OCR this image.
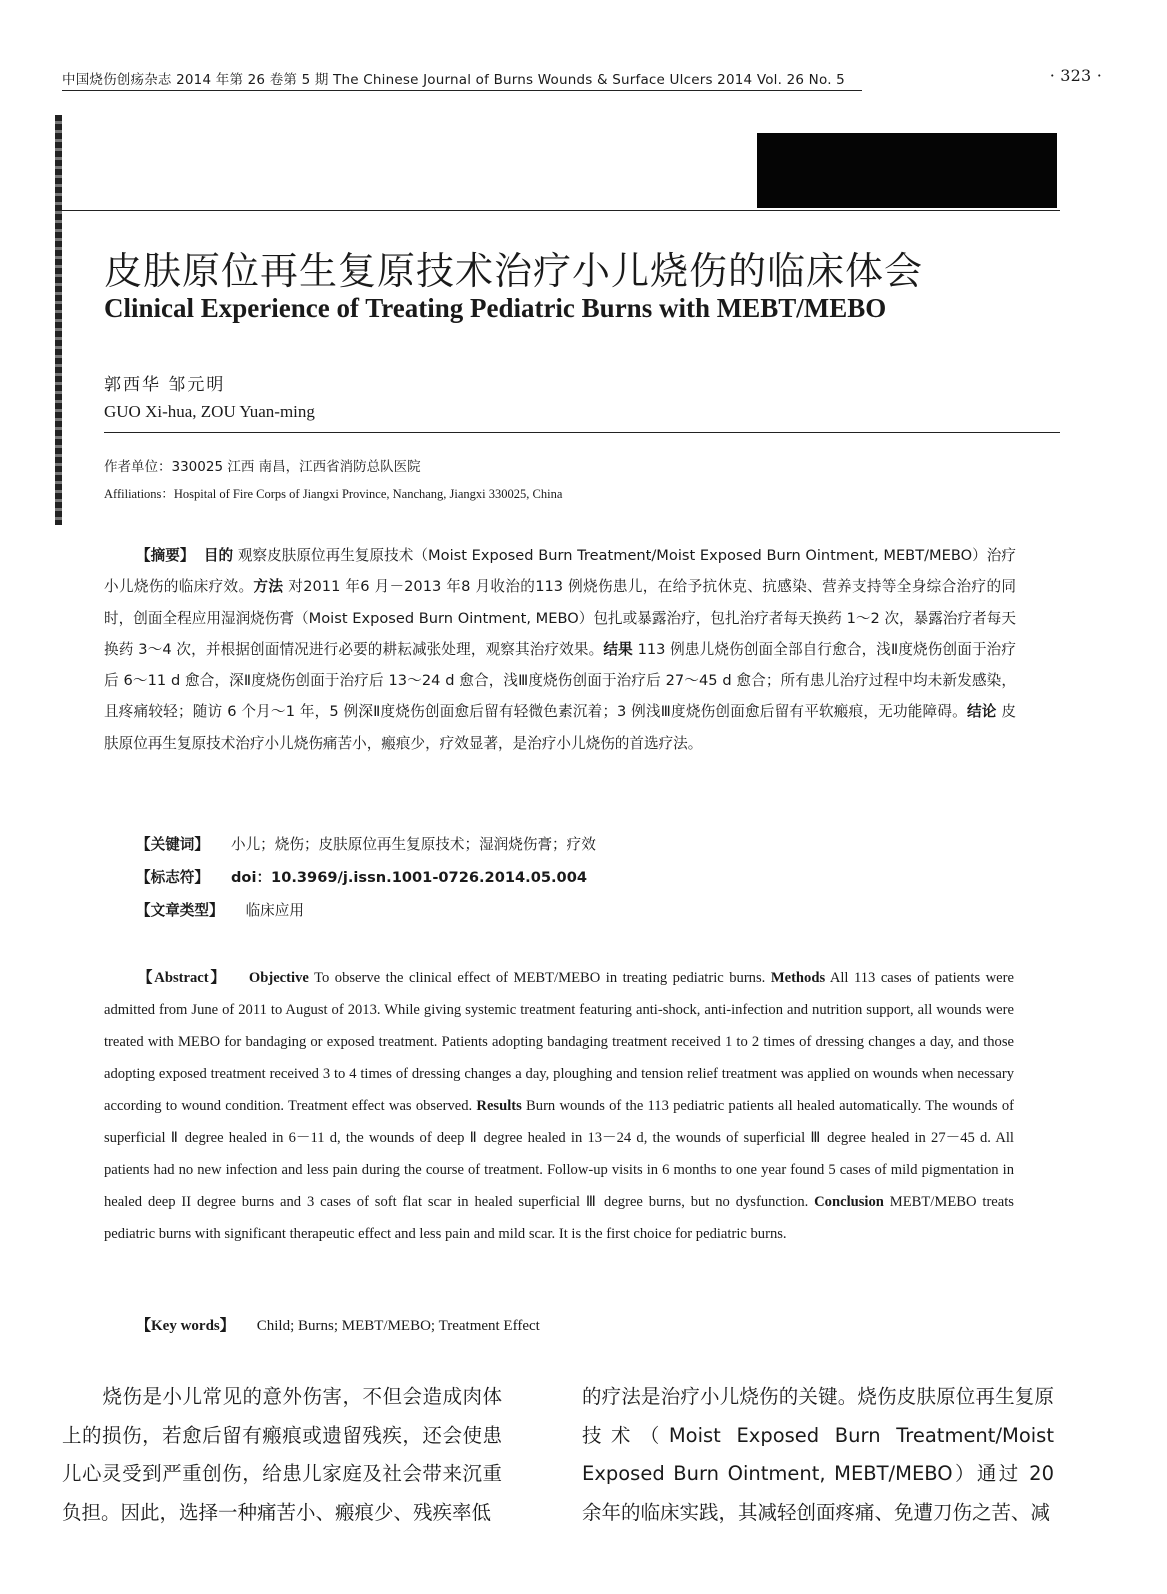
中国烧伤创疡杂志 2014 年第 26 卷第 5 期 The Chinese Journal of Burns Wounds & Surface Ulcers 2014 Vol. 26 No. 5	· 323 ·
皮肤原位再生复原技术治疗小儿烧伤的临床体会
Clinical Experience of Treating Pediatric Burns with MEBT/MEBO
郭西华 邹元明
GUO Xi-hua, ZOU Yuan-ming
作者单位：330025 江西 南昌，江西省消防总队医院
Affiliations：Hospital of Fire Corps of Jiangxi Province, Nanchang, Jiangxi 330025, China
【摘要】 目的 观察皮肤原位再生复原技术（Moist Exposed Burn Treatment/Moist Exposed Burn Ointment, MEBT/MEBO）治疗小儿烧伤的临床疗效。方法 对2011 年6 月－2013 年8 月收治的113 例烧伤患儿，在给予抗休克、抗感染、营养支持等全身综合治疗的同时，创面全程应用湿润烧伤膏（Moist Exposed Burn Ointment, MEBO）包扎或暴露治疗，包扎治疗者每天换药 1～2 次，暴露治疗者每天换药 3～4 次，并根据创面情况进行必要的耕耘减张处理，观察其治疗效果。结果 113 例患儿烧伤创面全部自行愈合，浅Ⅱ度烧伤创面于治疗后 6～11 d 愈合，深Ⅱ度烧伤创面于治疗后 13～24 d 愈合，浅Ⅲ度烧伤创面于治疗后 27～45 d 愈合；所有患儿治疗过程中均未新发感染，且疼痛较轻；随访 6 个月～1 年，5 例深Ⅱ度烧伤创面愈后留有轻微色素沉着；3 例浅Ⅲ度烧伤创面愈后留有平软瘢痕，无功能障碍。结论 皮肤原位再生复原技术治疗小儿烧伤痛苦小，瘢痕少，疗效显著，是治疗小儿烧伤的首选疗法。
【关键词】 小儿；烧伤；皮肤原位再生复原技术；湿润烧伤膏；疗效
【标志符】 doi：10.3969/j.issn.1001-0726.2014.05.004
【文章类型】 临床应用
【Abstract】 Objective To observe the clinical effect of MEBT/MEBO in treating pediatric burns. Methods All 113 cases of patients were admitted from June of 2011 to August of 2013. While giving systemic treatment featuring anti-shock, anti-infection and nutrition support, all wounds were treated with MEBO for bandaging or exposed treatment. Patients adopting bandaging treatment received 1 to 2 times of dressing changes a day, and those adopting exposed treatment received 3 to 4 times of dressing changes a day, ploughing and tension relief treatment was applied on wounds when necessary according to wound condition. Treatment effect was observed. Results Burn wounds of the 113 pediatric patients all healed automatically. The wounds of superficial Ⅱ degree healed in 6－11 d, the wounds of deep Ⅱ degree healed in 13－24 d, the wounds of superficial Ⅲ degree healed in 27－45 d. All patients had no new infection and less pain during the course of treatment. Follow-up visits in 6 months to one year found 5 cases of mild pigmentation in healed deep II degree burns and 3 cases of soft flat scar in healed superficial Ⅲ degree burns, but no dysfunction. Conclusion MEBT/MEBO treats pediatric burns with significant therapeutic effect and less pain and mild scar. It is the first choice for pediatric burns.
【Key words】 Child; Burns; MEBT/MEBO; Treatment Effect
烧伤是小儿常见的意外伤害，不但会造成肉体上的损伤，若愈后留有瘢痕或遗留残疾，还会使患儿心灵受到严重创伤，给患儿家庭及社会带来沉重负担。因此，选择一种痛苦小、瘢痕少、残疾率低
的疗法是治疗小儿烧伤的关键。烧伤皮肤原位再生复原技术（Moist Exposed Burn Treatment/Moist Exposed Burn Ointment, MEBT/MEBO）通过 20 余年的临床实践，其减轻创面疼痛、免遭刀伤之苦、减
